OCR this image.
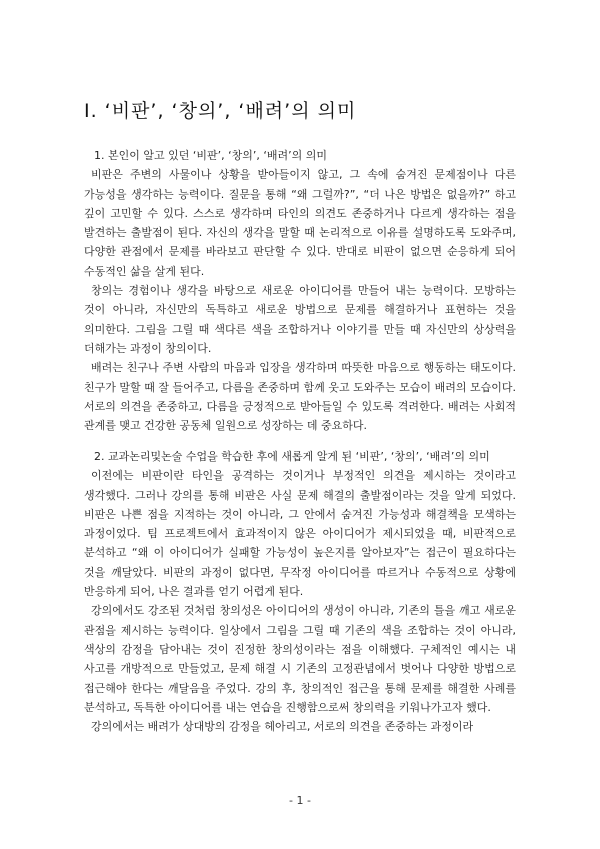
I. ‘비판’, ‘창의’, ‘배려’의 의미

1. 본인이 알고 있던 ‘비판’, ‘창의’, ‘배려’의 의미

비판은 주변의 사물이나 상황을 받아들이지 않고, 그 속에 숨겨진 문제점이나 다른 가능성을 생각하는 능력이다. 질문을 통해 “왜 그럴까?”, “더 나은 방법은 없을까?” 하고 깊이 고민할 수 있다. 스스로 생각하며 타인의 의견도 존중하거나 다르게 생각하는 점을 발견하는 출발점이 된다. 자신의 생각을 말할 때 논리적으로 이유를 설명하도록 도와주며, 다양한 관점에서 문제를 바라보고 판단할 수 있다. 반대로 비판이 없으면 순응하게 되어 수동적인 삶을 살게 된다.

창의는 경험이나 생각을 바탕으로 새로운 아이디어를 만들어 내는 능력이다. 모방하는 것이 아니라, 자신만의 독특하고 새로운 방법으로 문제를 해결하거나 표현하는 것을 의미한다. 그림을 그릴 때 색다른 색을 조합하거나 이야기를 만들 때 자신만의 상상력을 더해가는 과정이 창의이다.

배려는 친구나 주변 사람의 마음과 입장을 생각하며 따뜻한 마음으로 행동하는 태도이다. 친구가 말할 때 잘 들어주고, 다름을 존중하며 함께 웃고 도와주는 모습이 배려의 모습이다. 서로의 의견을 존중하고, 다름을 긍정적으로 받아들일 수 있도록 격려한다. 배려는 사회적 관계를 맺고 건강한 공동체 일원으로 성장하는 데 중요하다.

2. 교과논리및논술 수업을 학습한 후에 새롭게 알게 된 ‘비판’, ‘창의’, ‘배려’의 의미

이전에는 비판이란 타인을 공격하는 것이거나 부정적인 의견을 제시하는 것이라고 생각했다. 그러나 강의를 통해 비판은 사실 문제 해결의 출발점이라는 것을 알게 되었다. 비판은 나쁜 점을 지적하는 것이 아니라, 그 안에서 숨겨진 가능성과 해결책을 모색하는 과정이었다. 팀 프로젝트에서 효과적이지 않은 아이디어가 제시되었을 때, 비판적으로 분석하고 “왜 이 아이디어가 실패할 가능성이 높은지를 알아보자”는 접근이 필요하다는 것을 깨달았다. 비판의 과정이 없다면, 무작정 아이디어를 따르거나 수동적으로 상황에 반응하게 되어, 나은 결과를 얻기 어렵게 된다.

강의에서도 강조된 것처럼 창의성은 아이디어의 생성이 아니라, 기존의 틀을 깨고 새로운 관점을 제시하는 능력이다. 일상에서 그림을 그릴 때 기존의 색을 조합하는 것이 아니라, 색상의 감정을 담아내는 것이 진정한 창의성이라는 점을 이해했다. 구체적인 예시는 내 사고를 개방적으로 만들었고, 문제 해결 시 기존의 고정관념에서 벗어나 다양한 방법으로 접근해야 한다는 깨달음을 주었다. 강의 후, 창의적인 접근을 통해 문제를 해결한 사례를 분석하고, 독특한 아이디어를 내는 연습을 진행함으로써 창의력을 키워나가고자 했다.

강의에서는 배려가 상대방의 감정을 헤아리고, 서로의 의견을 존중하는 과정이라

- 1 -
